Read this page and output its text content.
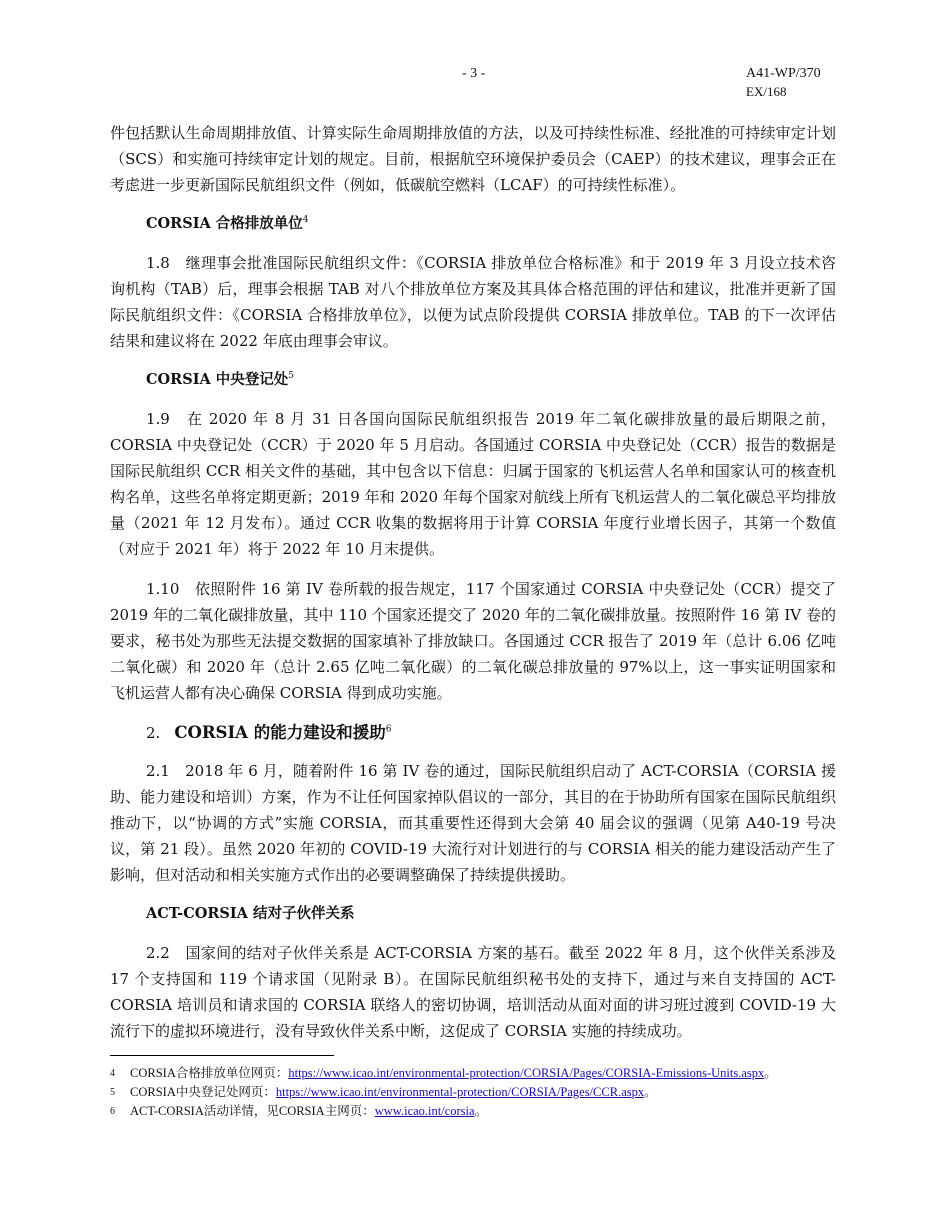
- 3 -	A41-WP/370
EX/168

件包括默认生命周期排放值、计算实际生命周期排放值的方法，以及可持续性标准、经批准的可持续审定计划（SCS）和实施可持续审定计划的规定。目前，根据航空环境保护委员会（CAEP）的技术建议，理事会正在考虑进一步更新国际民航组织文件（例如，低碳航空燃料（LCAF）的可持续性标准）。

CORSIA 合格排放单位$^4$

1.8　继理事会批准国际民航组织文件：《CORSIA 排放单位合格标准》和于 2019 年 3 月设立技术咨询机构（TAB）后，理事会根据 TAB 对八个排放单位方案及其具体合格范围的评估和建议，批准并更新了国际民航组织文件：《CORSIA 合格排放单位》，以便为试点阶段提供 CORSIA 排放单位。TAB 的下一次评估结果和建议将在 2022 年底由理事会审议。

CORSIA 中央登记处$^5$

1.9　在 2020 年 8 月 31 日各国向国际民航组织报告 2019 年二氧化碳排放量的最后期限之前，CORSIA 中央登记处（CCR）于 2020 年 5 月启动。各国通过 CORSIA 中央登记处（CCR）报告的数据是国际民航组织 CCR 相关文件的基础，其中包含以下信息：归属于国家的飞机运营人名单和国家认可的核查机构名单，这些名单将定期更新；2019 年和 2020 年每个国家对航线上所有飞机运营人的二氧化碳总平均排放量（2021 年 12 月发布）。通过 CCR 收集的数据将用于计算 CORSIA 年度行业增长因子，其第一个数值（对应于 2021 年）将于 2022 年 10 月末提供。

1.10　依照附件 16 第 IV 卷所载的报告规定，117 个国家通过 CORSIA 中央登记处（CCR）提交了 2019 年的二氧化碳排放量，其中 110 个国家还提交了 2020 年的二氧化碳排放量。按照附件 16 第 IV 卷的要求，秘书处为那些无法提交数据的国家填补了排放缺口。各国通过 CCR 报告了 2019 年（总计 6.06 亿吨二氧化碳）和 2020 年（总计 2.65 亿吨二氧化碳）的二氧化碳总排放量的 97%以上，这一事实证明国家和飞机运营人都有决心确保 CORSIA 得到成功实施。

2. CORSIA 的能力建设和援助$^6$

2.1　2018 年 6 月，随着附件 16 第 IV 卷的通过，国际民航组织启动了 ACT-CORSIA（CORSIA 援助、能力建设和培训）方案，作为不让任何国家掉队倡议的一部分，其目的在于协助所有国家在国际民航组织推动下，以“协调的方式”实施 CORSIA，而其重要性还得到大会第 40 届会议的强调（见第 A40-19 号决议，第 21 段）。虽然 2020 年初的 COVID-19 大流行对计划进行的与 CORSIA 相关的能力建设活动产生了影响，但对活动和相关实施方式作出的必要调整确保了持续提供援助。

ACT-CORSIA 结对子伙伴关系

2.2　国家间的结对子伙伴关系是 ACT-CORSIA 方案的基石。截至 2022 年 8 月，这个伙伴关系涉及 17 个支持国和 119 个请求国（见附录 B）。在国际民航组织秘书处的支持下，通过与来自支持国的 ACT-CORSIA 培训员和请求国的 CORSIA 联络人的密切协调，培训活动从面对面的讲习班过渡到 COVID-19 大流行下的虚拟环境进行，没有导致伙伴关系中断，这促成了 CORSIA 实施的持续成功。

4 CORSIA合格排放单位网页：https://www.icao.int/environmental-protection/CORSIA/Pages/CORSIA-Emissions-Units.aspx。
5 CORSIA中央登记处网页：https://www.icao.int/environmental-protection/CORSIA/Pages/CCR.aspx。
6 ACT-CORSIA活动详情，见CORSIA主网页：www.icao.int/corsia。
